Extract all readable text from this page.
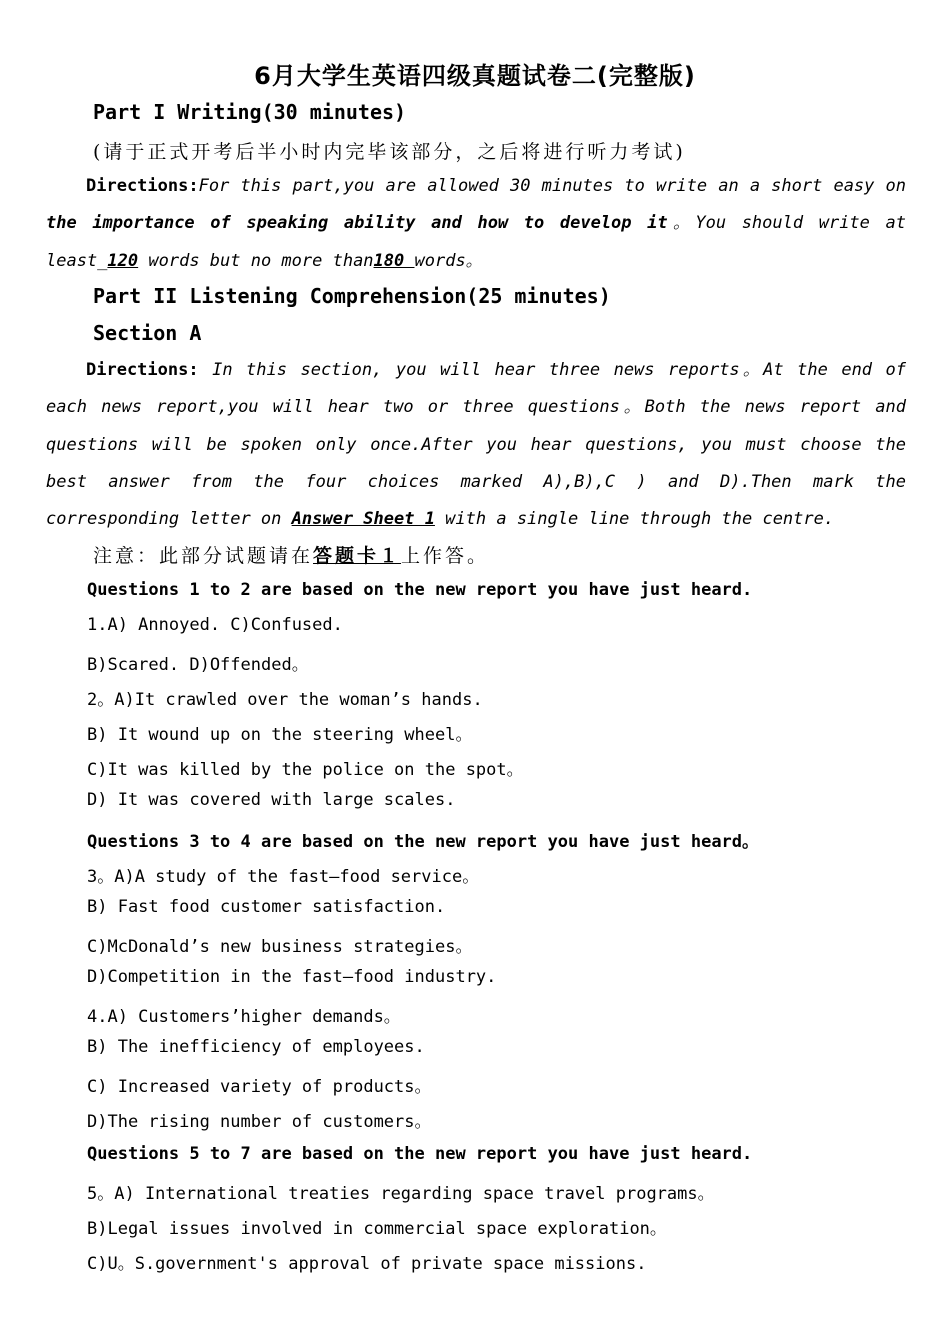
6月大学生英语四级真题试卷二(完整版)
Part I Writing(30 minutes)
(请于正式开考后半小时内完毕该部分，之后将进行听力考试)
Directions:For this part,you are allowed 30 minutes to write an a short easy on the importance of speaking ability and how to develop it。You should write at least_120 words but no more than180 words。
Part II Listening Comprehension(25 minutes)
Section A
Directions: In this section, you will hear three news reports。At the end of each news report,you will hear two or three questions。Both the news report and questions will be spoken only once.After you hear questions, you must choose the best answer from the four choices marked A),B),C ) and D).Then mark the corresponding letter on Answer Sheet 1 with a single line through the centre.
注意：此部分试题请在答题卡１上作答。
Questions 1 to 2 are based on the new report you have just heard.
1.A) Annoyed. C)Confused.
B)Scared. D)Offended。
2。A)It crawled over the woman’s hands.
B) It wound up on the steering wheel。
C)It was killed by the police on the spot。
D) It was covered with large scales.
Questions 3 to 4 are based on the new report you have just heard。
3。A)A study of the fast—food service。
B) Fast food customer satisfaction.
C)McDonald’s new business strategies。
D)Competition in the fast—food industry.
4.A) Customers’higher demands。
B) The inefficiency of employees.
C) Increased variety of products。
D)The rising number of customers。
Questions 5 to 7 are based on the new report you have just heard.
5。A) International treaties regarding space travel programs。
B)Legal issues involved in commercial space exploration。
C)U。S.government's approval of private space missions.
